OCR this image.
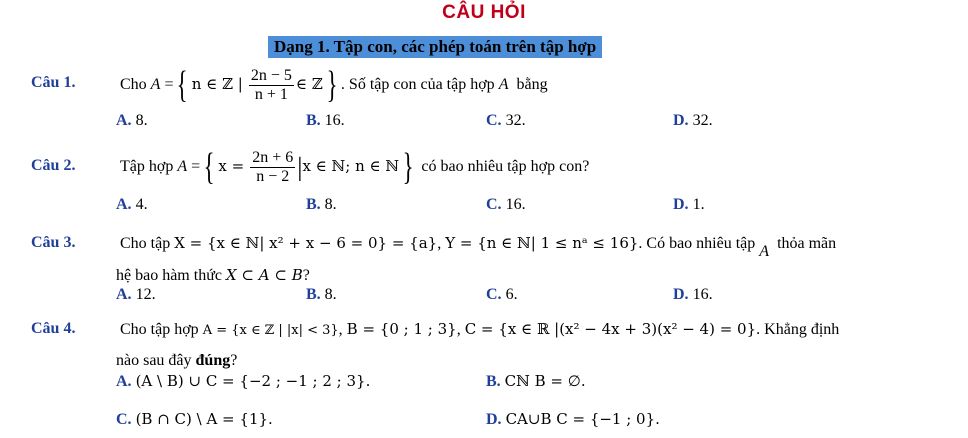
CÂU HỎI
Dạng 1. Tập con, các phép toán trên tập hợp
Câu 1.	Cho A ={ n ∈ ℤ | $\frac{2n - 5}{n + 1}$ ∈ ℤ} . Số tập con của tập hợp A bằng
A. 8.	B. 16.	C. 32.	D. 32.
Câu 2.	Tập hợp A ={ $x = \frac{2n + 6}{n - 2} |x$ ∈ ℕ; n ∈ ℕ} có bao nhiêu tập hợp con?
A. 4.	B. 8.	C. 16.	D. 1.
Câu 3.	Cho tập X = {x ∈ ℕ| x² + x − 6 = 0} = {a}, Y = {n ∈ ℕ| 1 ≤ nᵃ ≤ 16}. Có bao nhiêu tập A thỏa mãn
hệ bao hàm thức X ⊂ A ⊂ B?
A. 12.	B. 8.	C. 6.	D. 16.
Câu 4.	Cho tập hợp A = {x ∈ ℤ | |x| < 3}, B = {0 ; 1 ; 3}, C = {x ∈ ℝ |(x² − 4x + 3)(x² − 4) = 0}. Khẳng định
nào sau đây đúng?
A. (A \ B) ∪ C = {−2 ; −1 ; 2 ; 3}.	B. Cℕ B = ∅.
C. (B ∩ C) \ A = {1}.	D. CA∪B C = {−1 ; 0}.
